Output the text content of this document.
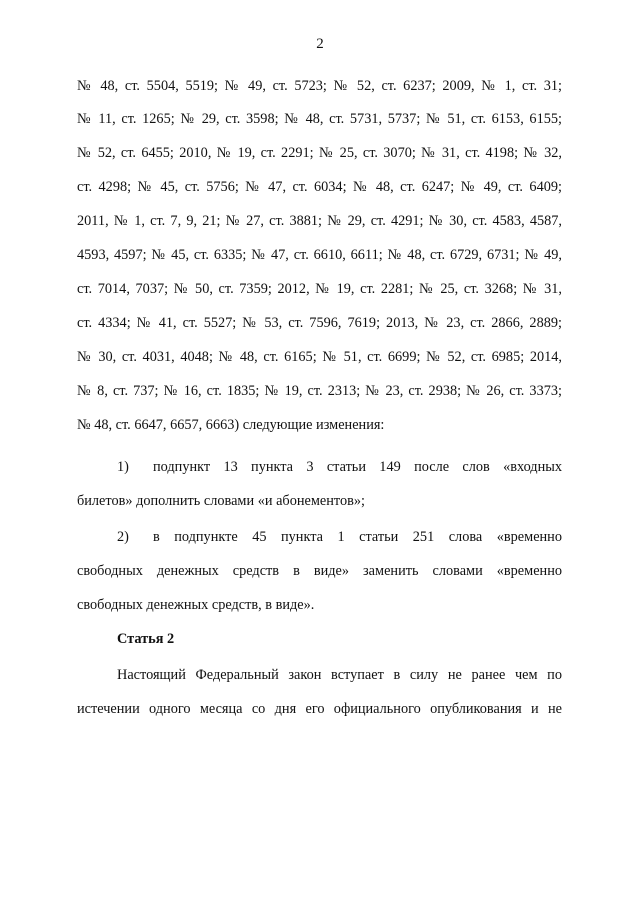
2
№ 48, ст. 5504, 5519; № 49, ст. 5723; № 52, ст. 6237; 2009, № 1, ст. 31;
№ 11, ст. 1265; № 29, ст. 3598; № 48, ст. 5731, 5737; № 51, ст. 6153, 6155;
№ 52, ст. 6455; 2010, № 19, ст. 2291; № 25, ст. 3070; № 31, ст. 4198; № 32,
ст. 4298; № 45, ст. 5756; № 47, ст. 6034; № 48, ст. 6247; № 49, ст. 6409;
2011, № 1, ст. 7, 9, 21; № 27, ст. 3881; № 29, ст. 4291; № 30, ст. 4583, 4587,
4593, 4597; № 45, ст. 6335; № 47, ст. 6610, 6611; № 48, ст. 6729, 6731; № 49,
ст. 7014, 7037; № 50, ст. 7359; 2012, № 19, ст. 2281; № 25, ст. 3268; № 31,
ст. 4334; № 41, ст. 5527; № 53, ст. 7596, 7619; 2013, № 23, ст. 2866, 2889;
№ 30, ст. 4031, 4048; № 48, ст. 6165; № 51, ст. 6699; № 52, ст. 6985; 2014,
№ 8, ст. 737; № 16, ст. 1835; № 19, ст. 2313; № 23, ст. 2938; № 26, ст. 3373;
№ 48, ст. 6647, 6657, 6663) следующие изменения:
1) подпункт 13 пункта 3 статьи 149 после слов «входных
билетов» дополнить словами «и абонементов»;
2) в подпункте 45 пункта 1 статьи 251 слова «временно
свободных денежных средств в виде» заменить словами «временно
свободных денежных средств, в виде».
Статья 2
Настоящий Федеральный закон вступает в силу не ранее чем по
истечении одного месяца со дня его официального опубликования и не
